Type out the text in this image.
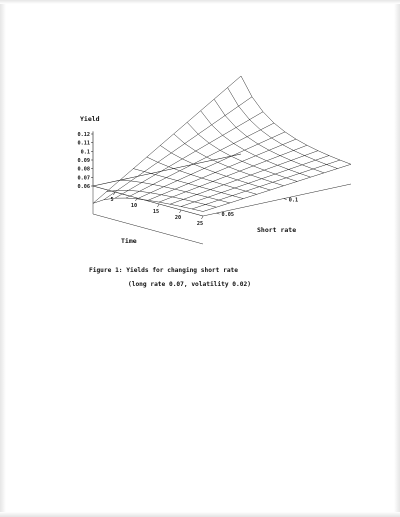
Yield
Time
Short rate
0.12
0.11
0.1
0.09
0.08
0.07
0.06
5
10
15
20
25
0.05
0.1
Figure 1: Yields for changing short rate
(long rate 0.07, volatility 0.02)
